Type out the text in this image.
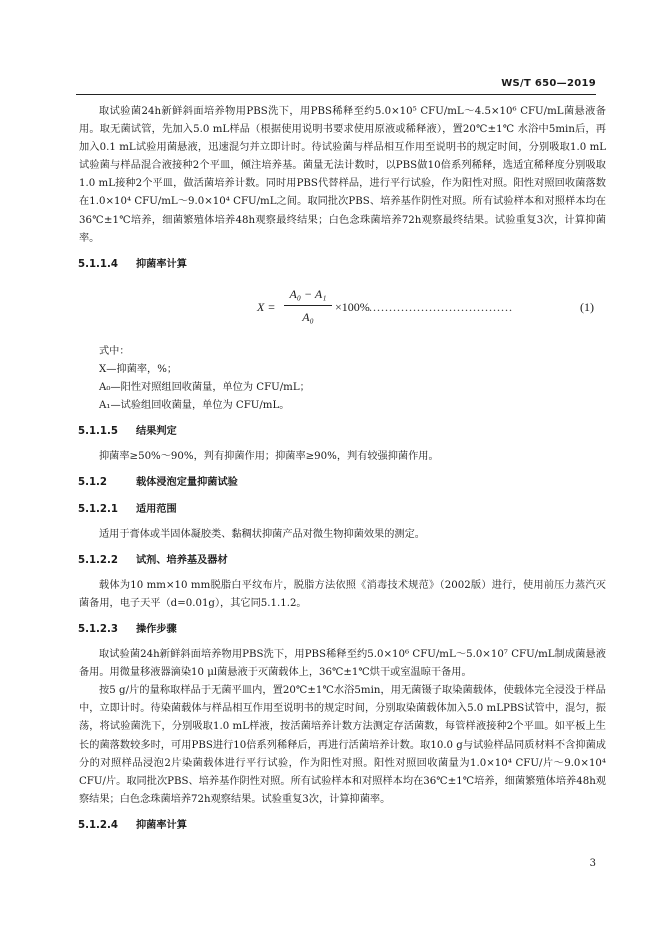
WS/T 650—2019

取试验菌24h新鲜斜面培养物用PBS洗下，用PBS稀释至约5.0×10⁵ CFU/mL～4.5×10⁶ CFU/mL菌悬液备用。取无菌试管，先加入5.0 mL样品（根据使用说明书要求使用原液或稀释液），置20℃±1℃ 水浴中5min后，再加入0.1 mL试验用菌悬液，迅速混匀并立即计时。待试验菌与样品相互作用至说明书的规定时间，分别吸取1.0 mL试验菌与样品混合液接种2个平皿，倾注培养基。菌量无法计数时，以PBS做10倍系列稀释，选适宜稀释度分别吸取1.0 mL接种2个平皿，做活菌培养计数。同时用PBS代替样品，进行平行试验，作为阳性对照。阳性对照回收菌落数在1.0×10⁴ CFU/mL～9.0×10⁴ CFU/mL之间。取同批次PBS、培养基作阴性对照。所有试验样本和对照样本均在36℃±1℃培养，细菌繁殖体培养48h观察最终结果；白色念珠菌培养72h观察最终结果。试验重复3次，计算抑菌率。

5.1.1.4 抑菌率计算
$X = \frac{\text{A₀ − A₁}}{\text{A₀}} \times 100\%$ ....................................	(1)

式中：

X—抑菌率，%；

A₀—阳性对照组回收菌量，单位为 CFU/mL；

A₁—试验组回收菌量，单位为 CFU/mL。

5.1.1.5 结果判定

抑菌率≥50%～90%，判有抑菌作用；抑菌率≥90%，判有较强抑菌作用。

5.1.2	载体浸泡定量抑菌试验
5.1.2.1 适用范围

适用于膏体或半固体凝胶类、黏稠状抑菌产品对微生物抑菌效果的测定。

5.1.2.2 试剂、培养基及器材

载体为10 mm×10 mm脱脂白平纹布片，脱脂方法依照《消毒技术规范》（2002版）进行，使用前压力蒸汽灭菌备用，电子天平（d=0.01g），其它同5.1.1.2。

5.1.2.3 操作步骤

取试验菌24h新鲜斜面培养物用PBS洗下，用PBS稀释至约5.0×10⁶ CFU/mL～5.0×10⁷ CFU/mL制成菌悬液备用。用微量移液器滴染10 μl菌悬液于灭菌载体上，36℃±1℃烘干或室温晾干备用。

按5 g/片的量称取样品于无菌平皿内，置20℃±1℃水浴5min，用无菌镊子取染菌载体，使载体完全浸没于样品中，立即计时。待染菌载体与样品相互作用至说明书的规定时间，分别取染菌载体加入5.0 mLPBS试管中，混匀，振荡，将试验菌洗下，分别吸取1.0 mL样液，按活菌培养计数方法测定存活菌数，每管样液接种2个平皿。如平板上生长的菌落数较多时，可用PBS进行10倍系列稀释后，再进行活菌培养计数。取10.0 g与试验样品同质材料不含抑菌成分的对照样品浸泡2片染菌载体进行平行试验，作为阳性对照。阳性对照回收菌量为1.0×10⁴ CFU/片～9.0×10⁴ CFU/片。取同批次PBS、培养基作阴性对照。所有试验样本和对照样本均在36℃±1℃培养，细菌繁殖体培养48h观察结果；白色念珠菌培养72h观察结果。试验重复3次，计算抑菌率。

5.1.2.4 抑菌率计算
3
